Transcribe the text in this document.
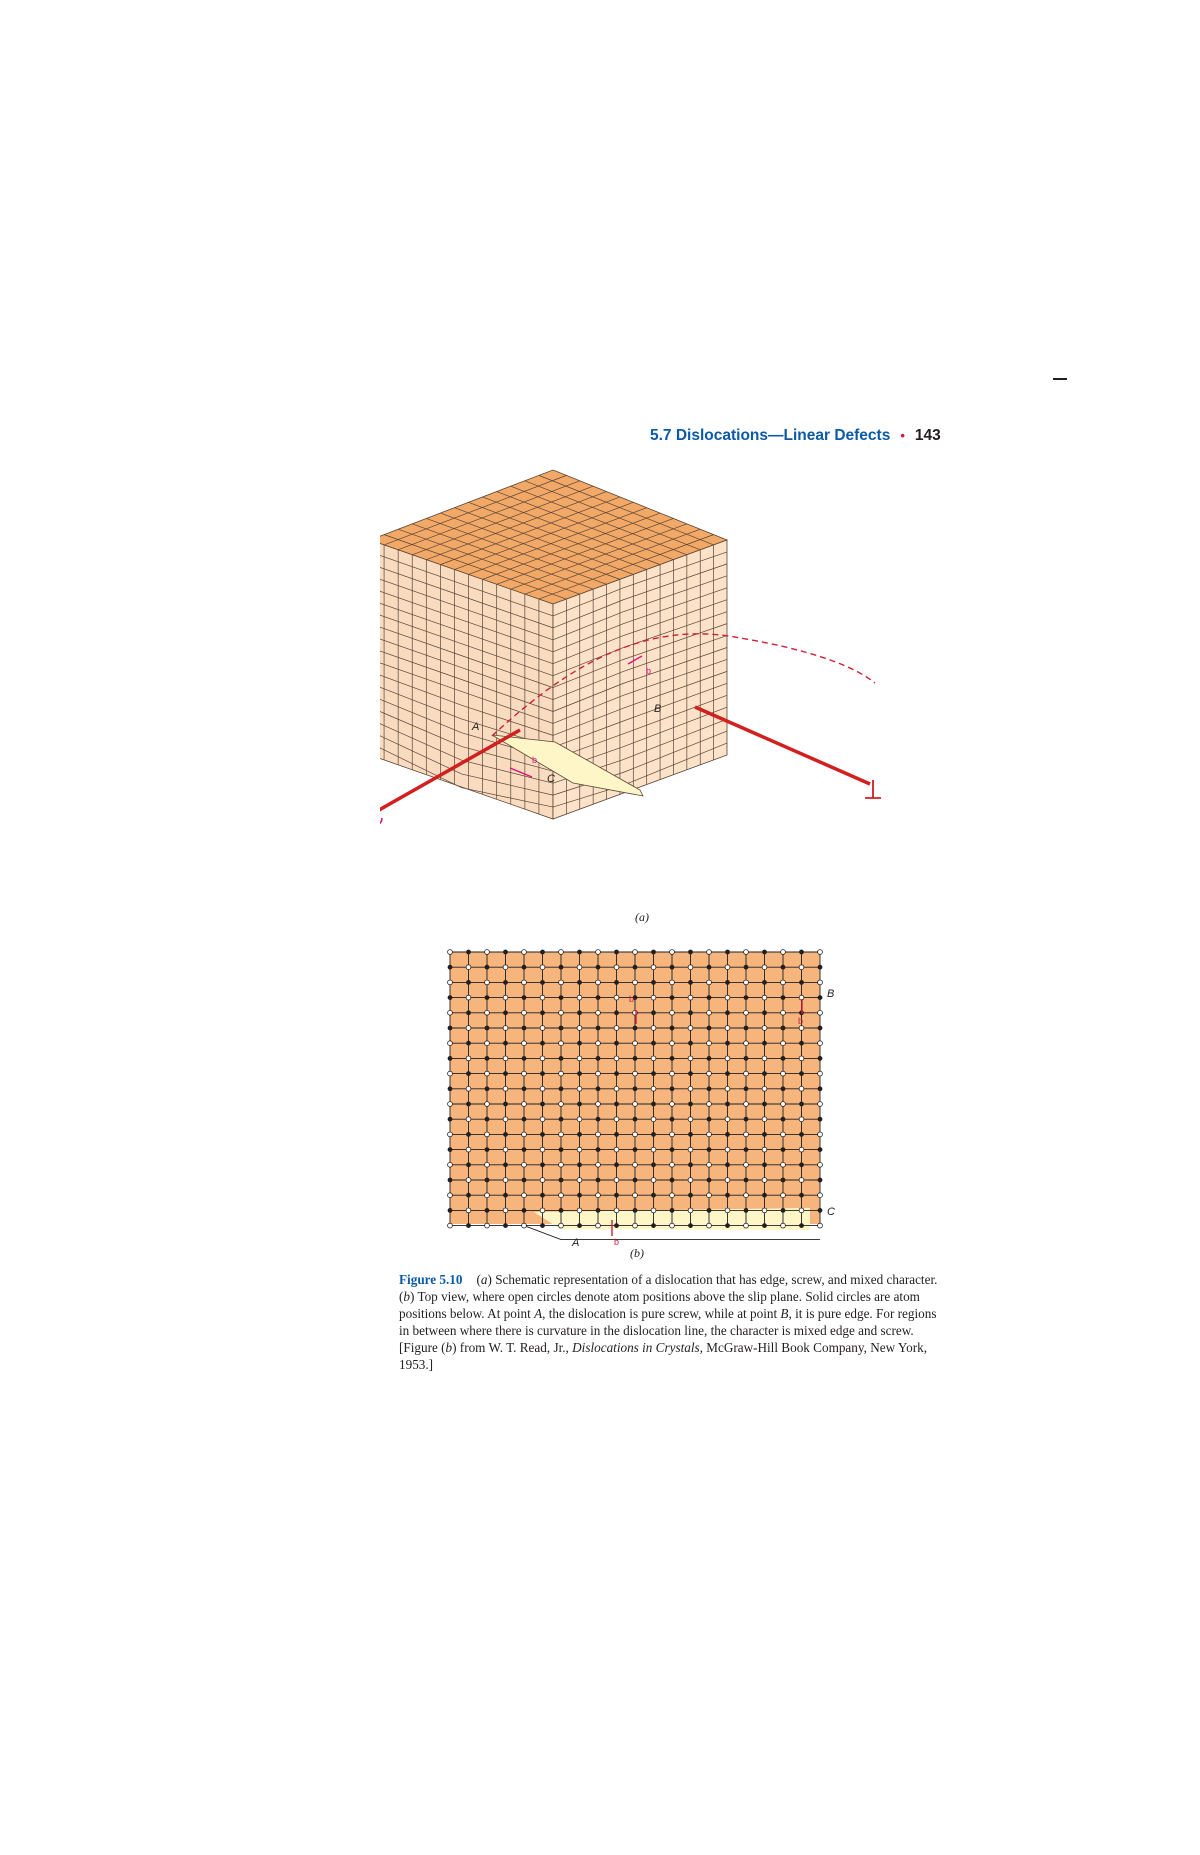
5.7 Dislocations—Linear Defects • 143
A
B
C
b
b
(a)
A
B
C
b
b
b
(b)
Figure 5.10 (a) Schematic representation of a dislocation that has edge, screw, and mixed character. (b) Top view, where open circles denote atom positions above the slip plane. Solid circles are atom positions below. At point A, the dislocation is pure screw, while at point B, it is pure edge. For regions in between where there is curvature in the dislocation line, the character is mixed edge and screw. [Figure (b) from W. T. Read, Jr., Dislocations in Crystals, McGraw-Hill Book Company, New York, 1953.]
